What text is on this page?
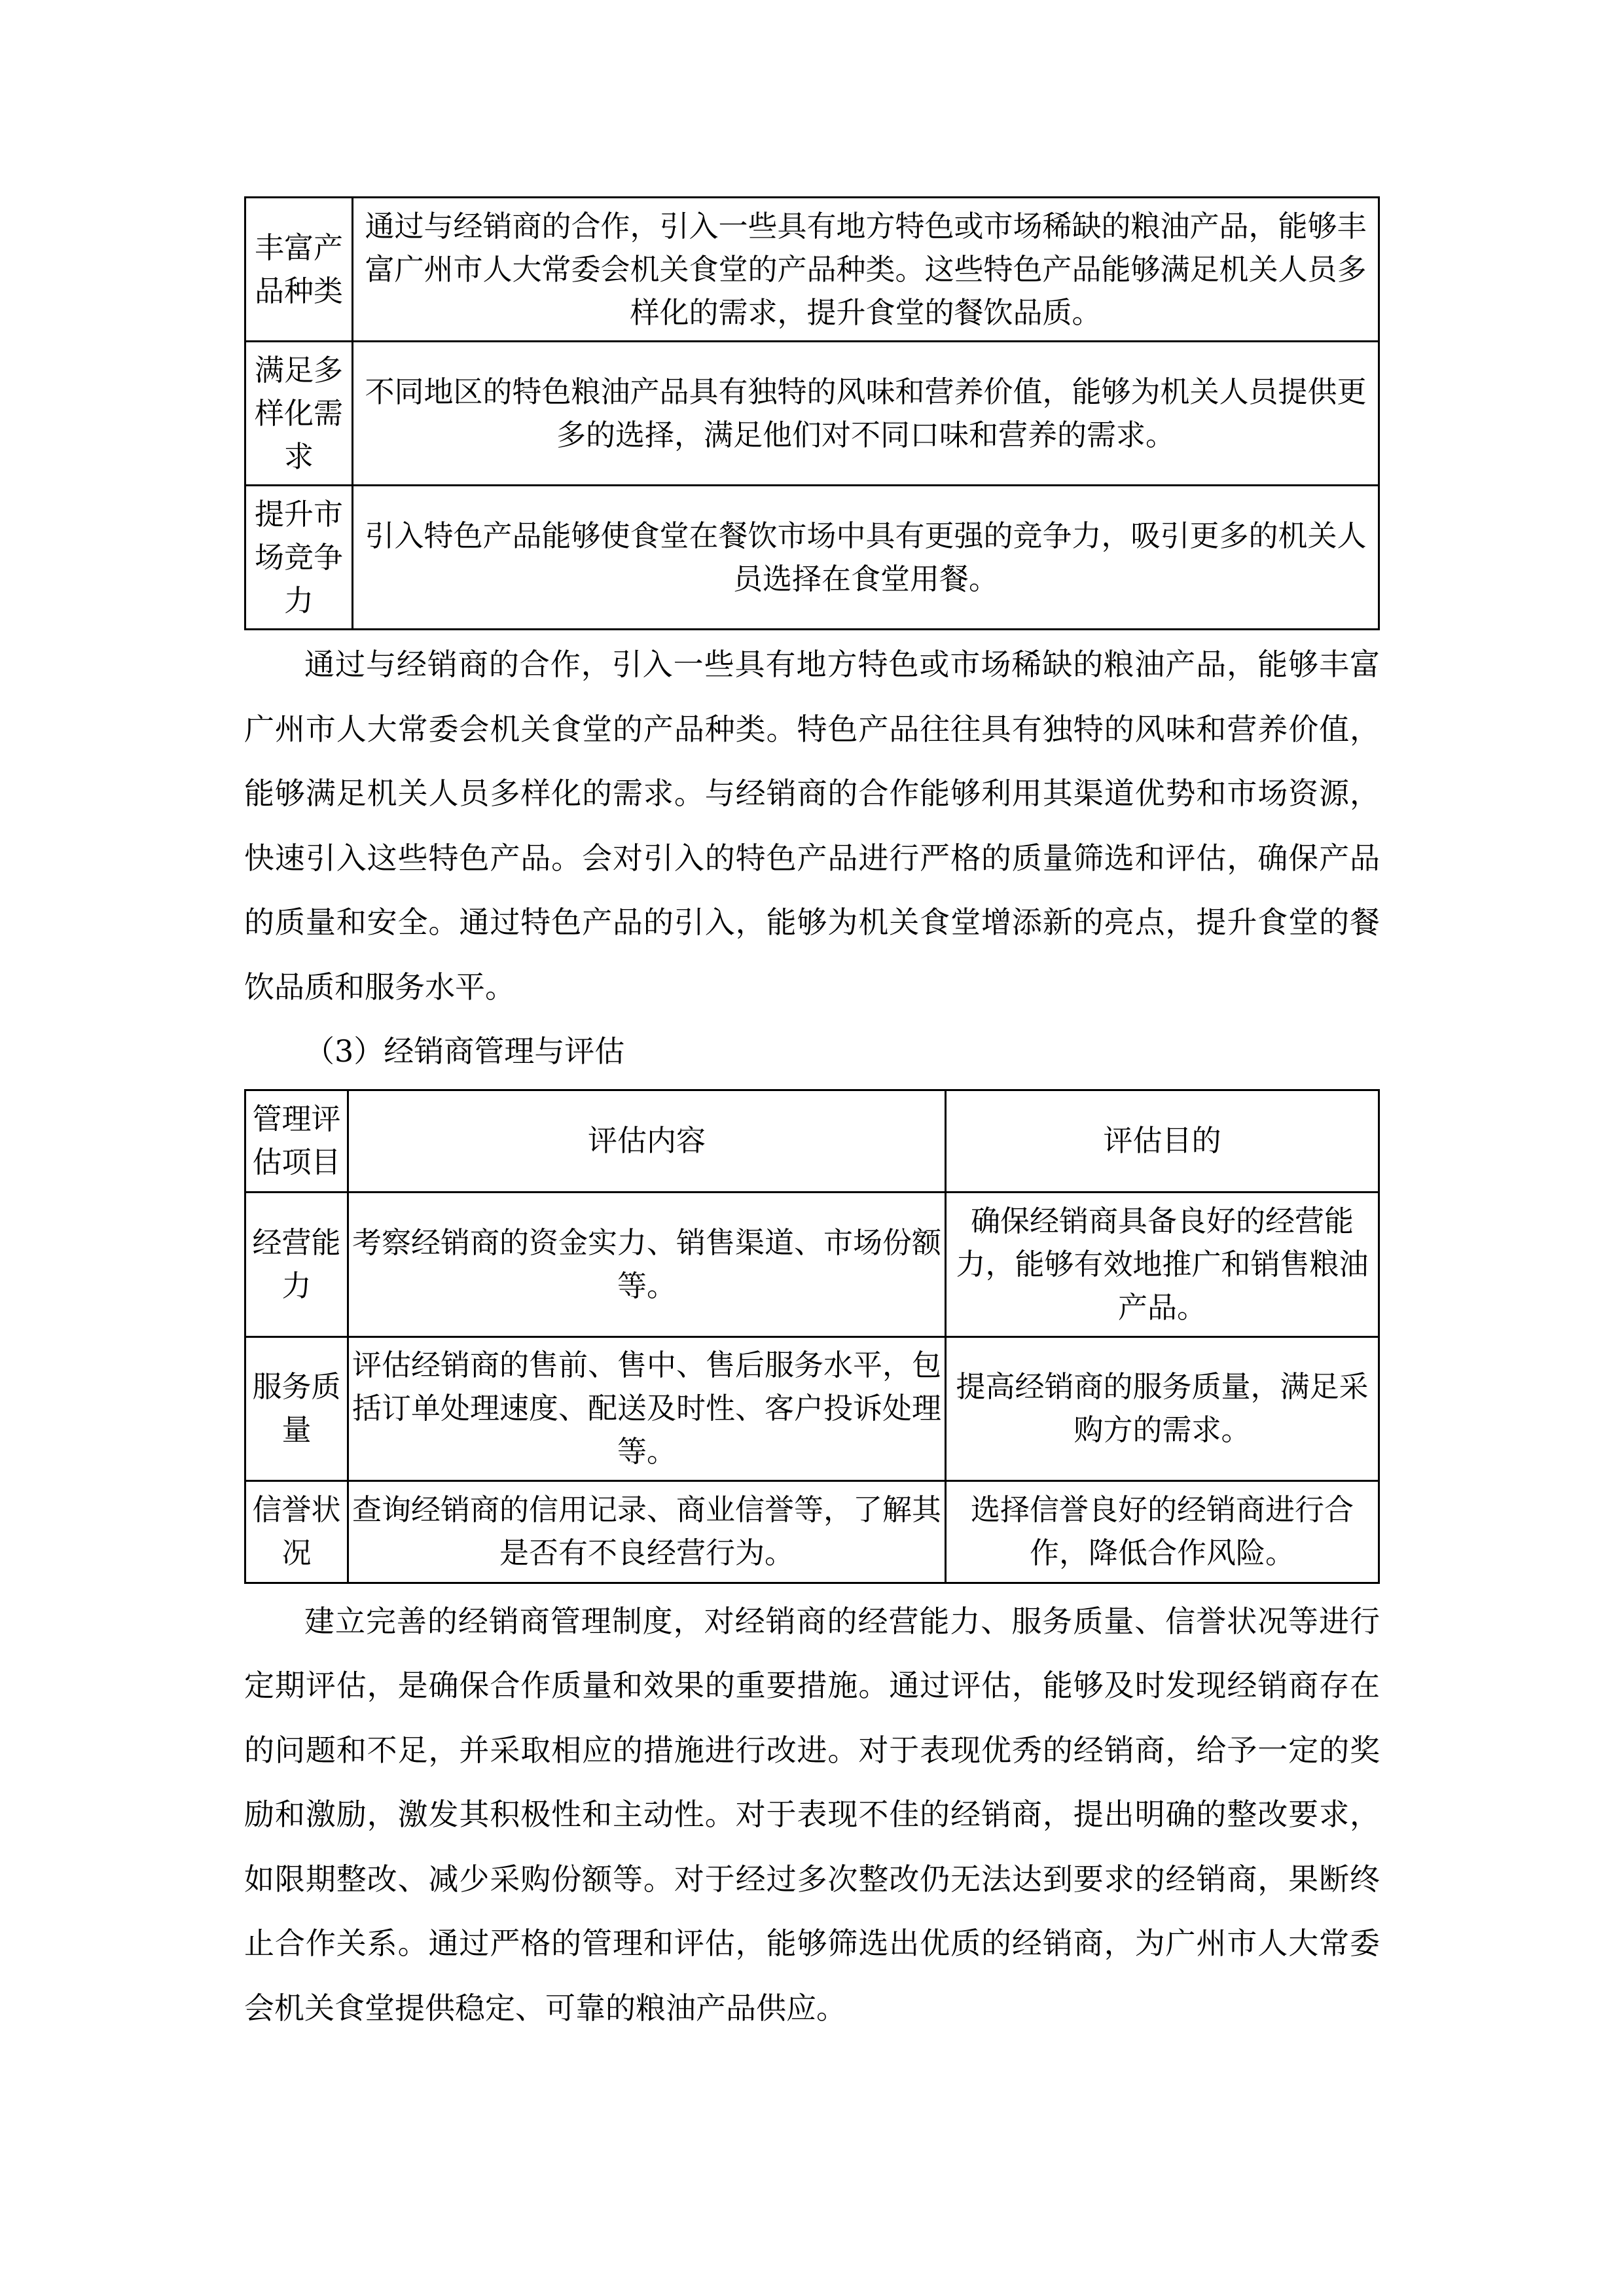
丰富产品种类	通过与经销商的合作，引入一些具有地方特色或市场稀缺的粮油产品，能够丰富广州市人大常委会机关食堂的产品种类。这些特色产品能够满足机关人员多样化的需求，提升食堂的餐饮品质。
满足多样化需求	不同地区的特色粮油产品具有独特的风味和营养价值，能够为机关人员提供更多的选择，满足他们对不同口味和营养的需求。
提升市场竞争力	引入特色产品能够使食堂在餐饮市场中具有更强的竞争力，吸引更多的机关人员选择在食堂用餐。

通过与经销商的合作，引入一些具有地方特色或市场稀缺的粮油产品，能够丰富广州市人大常委会机关食堂的产品种类。特色产品往往具有独特的风味和营养价值，能够满足机关人员多样化的需求。与经销商的合作能够利用其渠道优势和市场资源，快速引入这些特色产品。会对引入的特色产品进行严格的质量筛选和评估，确保产品的质量和安全。通过特色产品的引入，能够为机关食堂增添新的亮点，提升食堂的餐饮品质和服务水平。

（3）经销商管理与评估

管理评估项目	评估内容	评估目的
经营能力	考察经销商的资金实力、销售渠道、市场份额等。	确保经销商具备良好的经营能力，能够有效地推广和销售粮油产品。
服务质量	评估经销商的售前、售中、售后服务水平，包括订单处理速度、配送及时性、客户投诉处理等。	提高经销商的服务质量，满足采购方的需求。
信誉状况	查询经销商的信用记录、商业信誉等，了解其是否有不良经营行为。	选择信誉良好的经销商进行合作，降低合作风险。

建立完善的经销商管理制度，对经销商的经营能力、服务质量、信誉状况等进行定期评估，是确保合作质量和效果的重要措施。通过评估，能够及时发现经销商存在的问题和不足，并采取相应的措施进行改进。对于表现优秀的经销商，给予一定的奖励和激励，激发其积极性和主动性。对于表现不佳的经销商，提出明确的整改要求，如限期整改、减少采购份额等。对于经过多次整改仍无法达到要求的经销商，果断终止合作关系。通过严格的管理和评估，能够筛选出优质的经销商，为广州市人大常委会机关食堂提供稳定、可靠的粮油产品供应。
